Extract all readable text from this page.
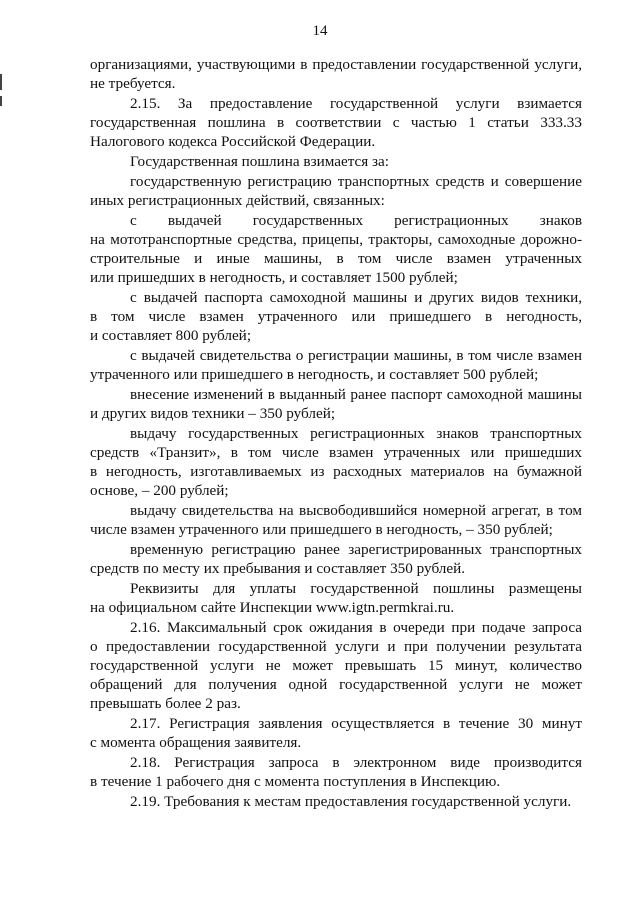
14
организациями, участвующими в предоставлении государственной услуги,
не требуется.
2.15. За предоставление государственной услуги взимается
государственная пошлина в соответствии с частью 1 статьи 333.33
Налогового кодекса Российской Федерации.
Государственная пошлина взимается за:
государственную регистрацию транспортных средств и совершение
иных регистрационных действий, связанных:
с выдачей государственных регистрационных знаков
на мототранспортные средства, прицепы, тракторы, самоходные дорожно-
строительные и иные машины, в том числе взамен утраченных
или пришедших в негодность, и составляет 1500 рублей;
с выдачей паспорта самоходной машины и других видов техники,
в том числе взамен утраченного или пришедшего в негодность,
и составляет 800 рублей;
с выдачей свидетельства о регистрации машины, в том числе взамен
утраченного или пришедшего в негодность, и составляет 500 рублей;
внесение изменений в выданный ранее паспорт самоходной машины
и других видов техники – 350 рублей;
выдачу государственных регистрационных знаков транспортных
средств «Транзит», в том числе взамен утраченных или пришедших
в негодность, изготавливаемых из расходных материалов на бумажной
основе, – 200 рублей;
выдачу свидетельства на высвободившийся номерной агрегат, в том
числе взамен утраченного или пришедшего в негодность, – 350 рублей;
временную регистрацию ранее зарегистрированных транспортных
средств по месту их пребывания и составляет 350 рублей.
Реквизиты для уплаты государственной пошлины размещены
на официальном сайте Инспекции www.igtn.permkrai.ru.
2.16. Максимальный срок ожидания в очереди при подаче запроса
о предоставлении государственной услуги и при получении результата
государственной услуги не может превышать 15 минут, количество
обращений для получения одной государственной услуги не может
превышать более 2 раз.
2.17. Регистрация заявления осуществляется в течение 30 минут
с момента обращения заявителя.
2.18. Регистрация запроса в электронном виде производится
в течение 1 рабочего дня с момента поступления в Инспекцию.
2.19. Требования к местам предоставления государственной услуги.
